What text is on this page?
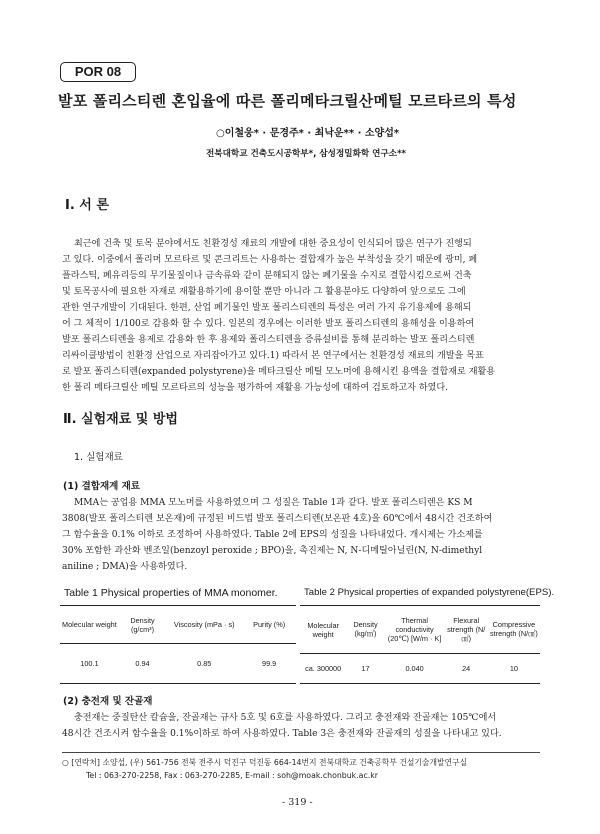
POR 08
발포 폴리스티렌 혼입율에 따른 폴리메타크릴산메틸 모르타르의 특성
○이철웅* · 문경주* · 최낙운** · 소양섭*
전북대학교 건축도시공학부*, 삼성정밀화학 연구소**
Ⅰ. 서 론
최근에 건축 및 토목 분야에서도 친환경성 재료의 개발에 대한 중요성이 인식되어 많은 연구가 진행되
고 있다. 이중에서 폴리머 모르타르 및 콘크리트는 사용하는 결합재가 높은 부착성을 갖기 때문에 광미, 폐
플라스틱, 폐유리등의 무기물질이나 금속류와 같이 분해되지 않는 폐기물을 수지로 결합시킴으로써 건축
및 토목공사에 필요한 자재로 재활용하기에 용이할 뿐만 아니라 그 활용분야도 다양하여 앞으로도 그에
관한 연구개발이 기대된다. 한편, 산업 폐기물인 발포 폴리스티렌의 특성은 여러 가지 유기용제에 용해되
어 그 체적이 1/100로 감용화 할 수 있다. 일본의 경우에는 이러한 발포 폴리스티렌의 용해성을 이용하여
발포 폴리스티렌을 용제로 감용화 한 후 용제와 폴리스티렌을 증류설비를 통해 분리하는 발포 폴리스티렌
리싸이클방법이 친환경 산업으로 자리잡아가고 있다.1) 따라서 본 연구에서는 친환경성 재료의 개발을 목표
로 발포 폴리스티렌(expanded polystyrene)을 메타크릴산 메틸 모노머에 용해시킨 용액을 결합재로 재활용
한 폴리 메타크릴산 메틸 모르타르의 성능을 평가하여 재활용 가능성에 대하여 검토하고자 하였다.
Ⅱ. 실험재료 및 방법
1. 실험재료
(1) 결합재계 재료
MMA는 공업용 MMA 모노머를 사용하였으며 그 성질은 Table 1과 같다. 발포 폴리스티렌은 KS M
3808(발포 폴리스티렌 보온재)에 규정된 비드법 발포 폴리스티렌(보온판 4호)을 60℃에서 48시간 건조하여
그 함수율을 0.1% 이하로 조정하여 사용하였다. Table 2에 EPS의 성질을 나타내었다. 개시제는 가소제를
30% 포함한 과산화 벤조일(benzoyl peroxide ; BPO)을, 촉진제는 N, N-디메틸아닐린(N, N-dimethyl
aniline ; DMA)을 사용하였다.
Table 1 Physical properties of MMA monomer.
Molecular weight	Density (g/cm³)	Viscosity (mPa · s)	Purity (%)
100.1	0.94	0.85	99.9
Table 2 Physical properties of expanded polystyrene(EPS).
Molecular weight	Density (kg/㎥)	Thermal conductivity (20℃) [W/m · K]	Flexural strength (N/㎠)	Compressive strength (N/㎠)
ca. 300000	17	0.040	24	10
(2) 충전재 및 잔골재
충전재는 중질탄산 칼슘을, 잔골재는 규사 5호 및 6호를 사용하였다. 그리고 충전재와 잔골재는 105℃에서
48시간 건조시켜 함수율을 0.1%이하로 하여 사용하였다. Table 3은 충전재와 잔골재의 성질을 나타내고 있다.
○ [연락처] 소양섭, (우) 561-756 전북 전주시 덕진구 덕진동 664-14번지 전북대학교 건축공학부 건설기술개발연구실
Tel : 063-270-2258, Fax : 063-270-2285, E-mail : soh@moak.chonbuk.ac.kr
- 319 -
